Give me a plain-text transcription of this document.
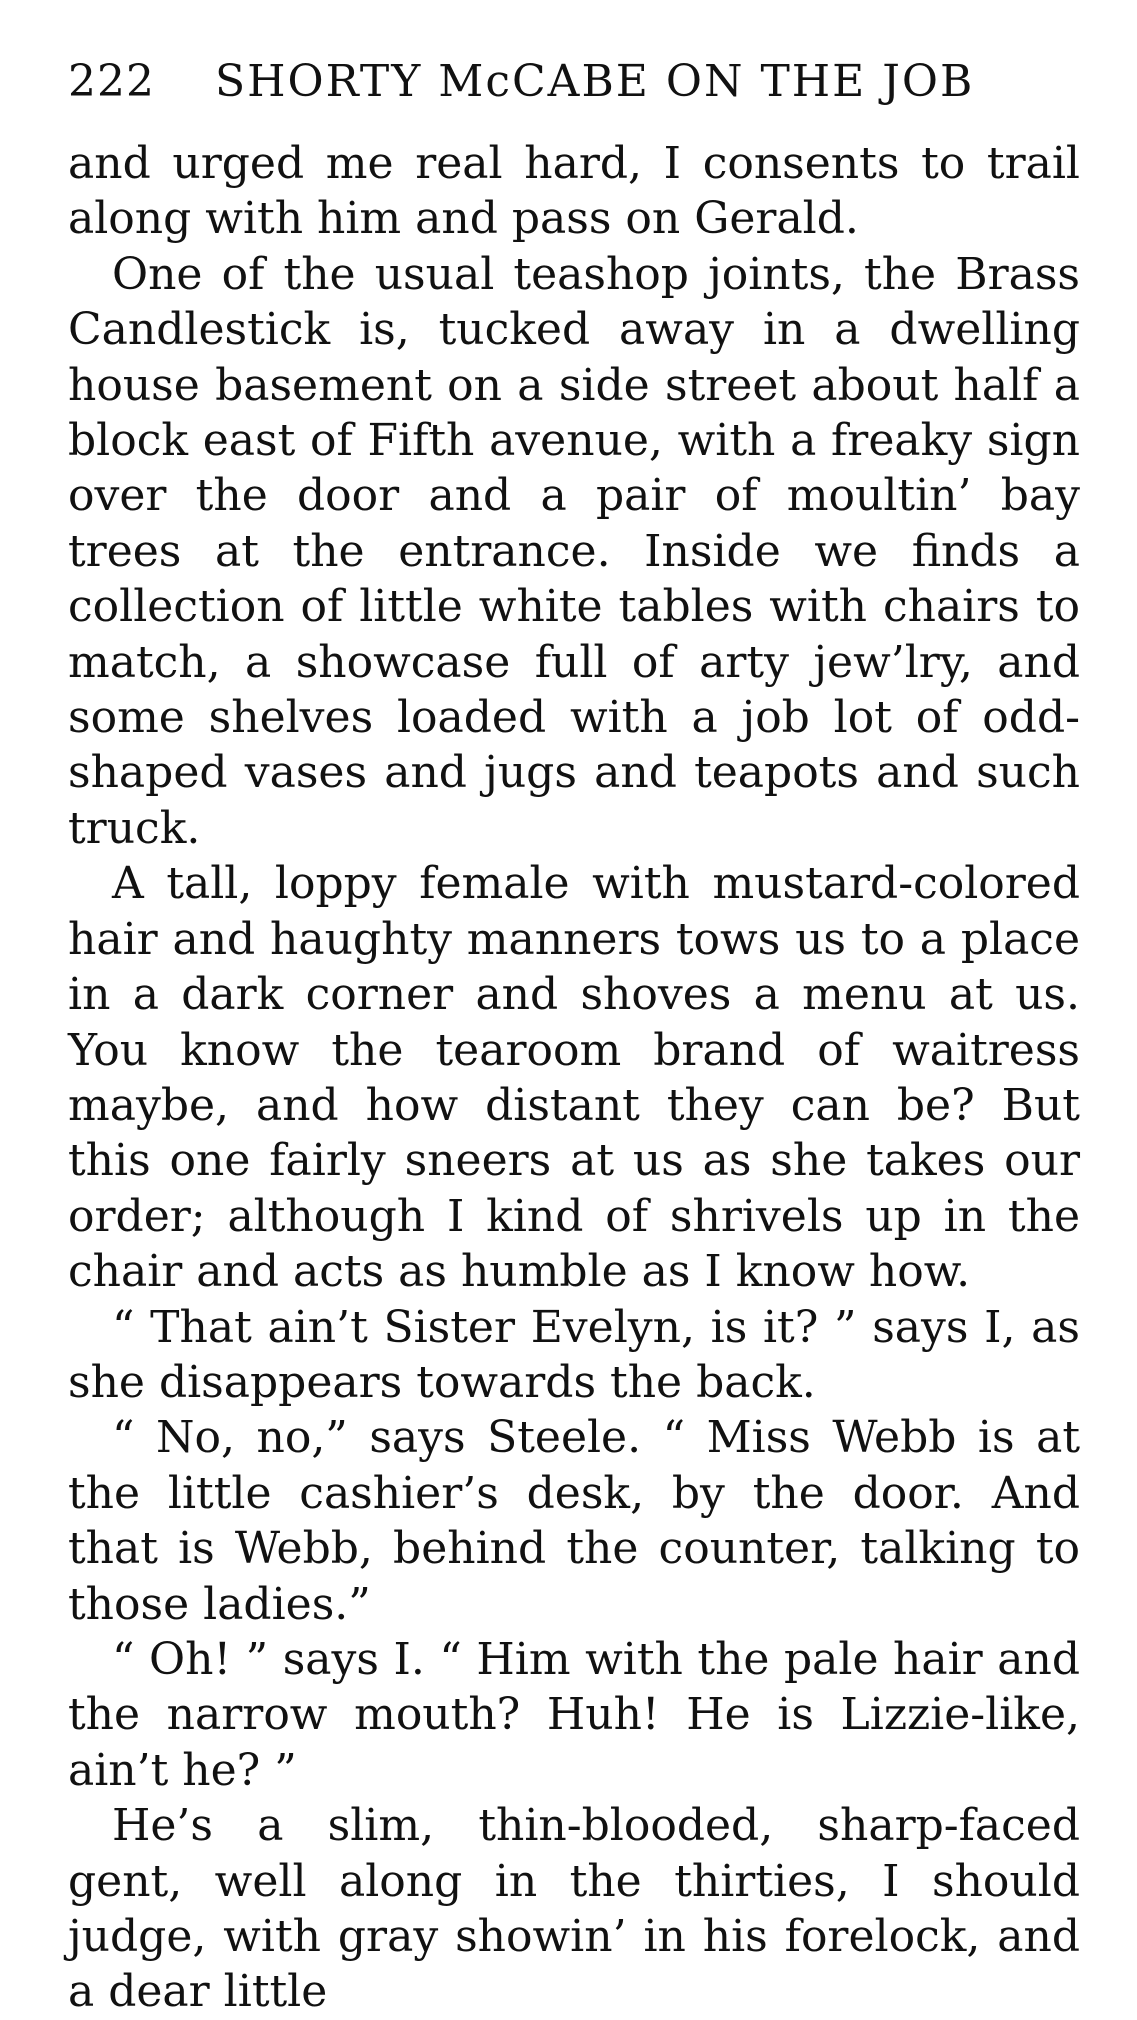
222 SHORTY McCABE ON THE JOB

and urged me real hard, I consents to trail along with him and pass on Gerald.

One of the usual teashop joints, the Brass Candlestick is, tucked away in a dwelling house basement on a side street about half a block east of Fifth avenue, with a freaky sign over the door and a pair of moultin’ bay trees at the entrance. Inside we finds a collection of little white tables with chairs to match, a showcase full of arty jew’lry, and some shelves loaded with a job lot of odd-shaped vases and jugs and teapots and such truck.

A tall, loppy female with mustard-colored hair and haughty manners tows us to a place in a dark corner and shoves a menu at us. You know the tearoom brand of waitress maybe, and how distant they can be? But this one fairly sneers at us as she takes our order; although I kind of shrivels up in the chair and acts as humble as I know how.

“ That ain’t Sister Evelyn, is it? ” says I, as she disappears towards the back.

“ No, no,” says Steele. “ Miss Webb is at the little cashier’s desk, by the door. And that is Webb, behind the counter, talking to those ladies.”

“ Oh! ” says I. “ Him with the pale hair and the narrow mouth? Huh! He is Lizzie-like, ain’t he? ”

He’s a slim, thin-blooded, sharp-faced gent, well along in the thirties, I should judge, with gray showin’ in his forelock, and a dear little
